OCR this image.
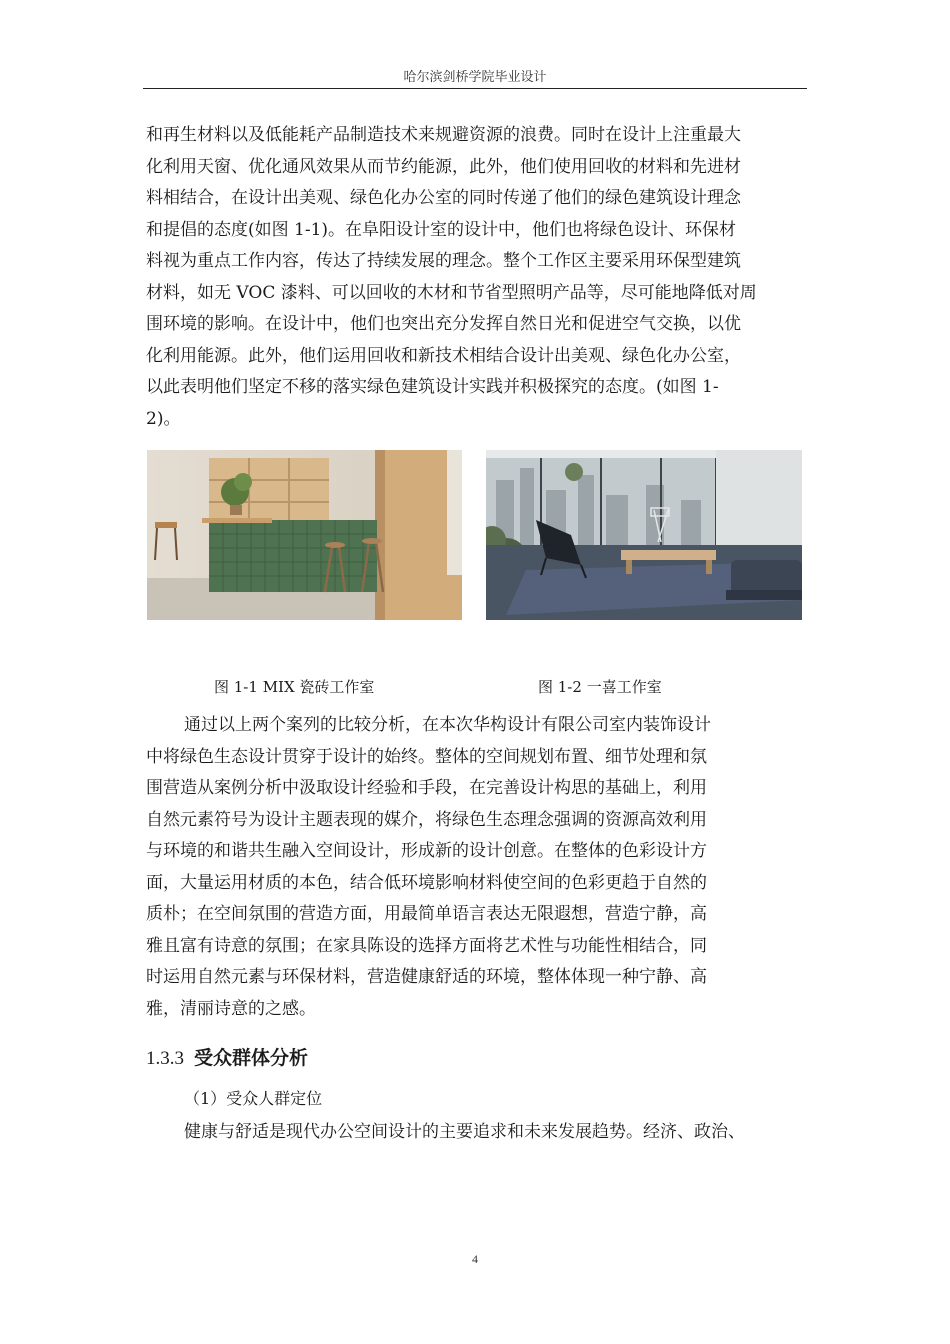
哈尔滨剑桥学院毕业设计
和再生材料以及低能耗产品制造技术来规避资源的浪费。同时在设计上注重最大
化利用天窗、优化通风效果从而节约能源，此外，他们使用回收的材料和先进材
料相结合，在设计出美观、绿色化办公室的同时传递了他们的绿色建筑设计理念
和提倡的态度(如图 1-1)。在阜阳设计室的设计中，他们也将绿色设计、环保材
料视为重点工作内容，传达了持续发展的理念。整个工作区主要采用环保型建筑
材料，如无 VOC 漆料、可以回收的木材和节省型照明产品等，尽可能地降低对周
围环境的影响。在设计中，他们也突出充分发挥自然日光和促进空气交换，以优
化利用能源。此外，他们运用回收和新技术相结合设计出美观、绿色化办公室，
以此表明他们坚定不移的落实绿色建筑设计实践并积极探究的态度。(如图 1-
2)。
图 1-1 MIX 瓷砖工作室	图 1-2 一喜工作室
通过以上两个案列的比较分析，在本次华构设计有限公司室内装饰设计
中将绿色生态设计贯穿于设计的始终。整体的空间规划布置、细节处理和氛
围营造从案例分析中汲取设计经验和手段，在完善设计构思的基础上，利用
自然元素符号为设计主题表现的媒介，将绿色生态理念强调的资源高效利用
与环境的和谐共生融入空间设计，形成新的设计创意。在整体的色彩设计方
面，大量运用材质的本色，结合低环境影响材料使空间的色彩更趋于自然的
质朴；在空间氛围的营造方面，用最简单语言表达无限遐想，营造宁静，高
雅且富有诗意的氛围；在家具陈设的选择方面将艺术性与功能性相结合，同
时运用自然元素与环保材料，营造健康舒适的环境，整体体现一种宁静、高
雅，清丽诗意的之感。
1.3.3 受众群体分析
（1）受众人群定位
健康与舒适是现代办公空间设计的主要追求和未来发展趋势。经济、政治、
4
